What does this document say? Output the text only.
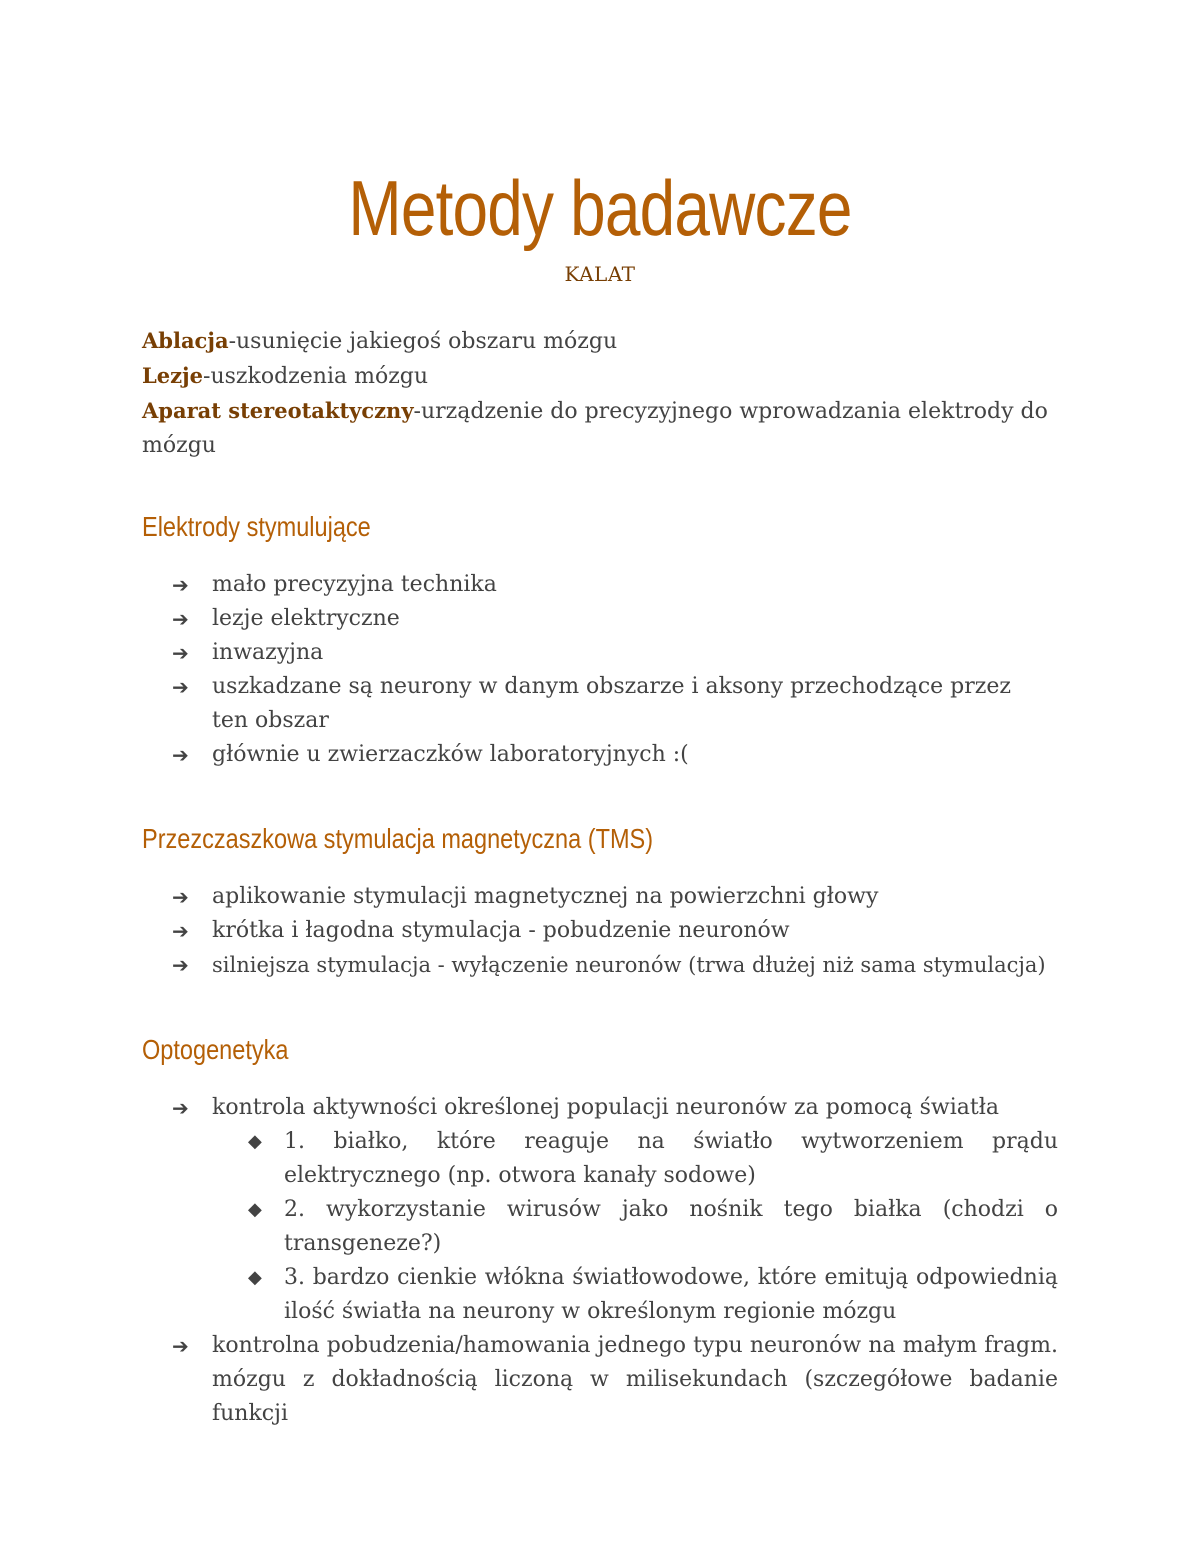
Metody badawcze
KALAT

Ablacja-usunięcie jakiegoś obszaru mózgu

Lezje-uszkodzenia mózgu

Aparat stereotaktyczny-urządzenie do precyzyjnego wprowadzania elektrody do mózgu

Elektrody stymulujące
➔	mało precyzyjna technika
➔	lezje elektryczne
➔	inwazyjna
➔	uszkadzane są neurony w danym obszarze i aksony przechodzące przez ten obszar
➔	głównie u zwierzaczków laboratoryjnych :(
Przezczaszkowa stymulacja magnetyczna (TMS)
➔	aplikowanie stymulacji magnetycznej na powierzchni głowy
➔	krótka i łagodna stymulacja - pobudzenie neuronów
➔	silniejsza stymulacja - wyłączenie neuronów (trwa dłużej niż sama stymulacja)
Optogenetyka
➔	kontrola aktywności określonej populacji neuronów za pomocą światła
◆ 1. białko, które reaguje na światło wytworzeniem prądu elektrycznego (np. otwora kanały sodowe)
◆ 2. wykorzystanie wirusów jako nośnik tego białka (chodzi o transgeneze?)
◆ 3. bardzo cienkie włókna światłowodowe, które emitują odpowiednią ilość światła na neurony w określonym regionie mózgu
➔	kontrolna pobudzenia/hamowania jednego typu neuronów na małym fragm.
mózgu z dokładnością liczoną w milisekundach (szczegółowe badanie funkcji
